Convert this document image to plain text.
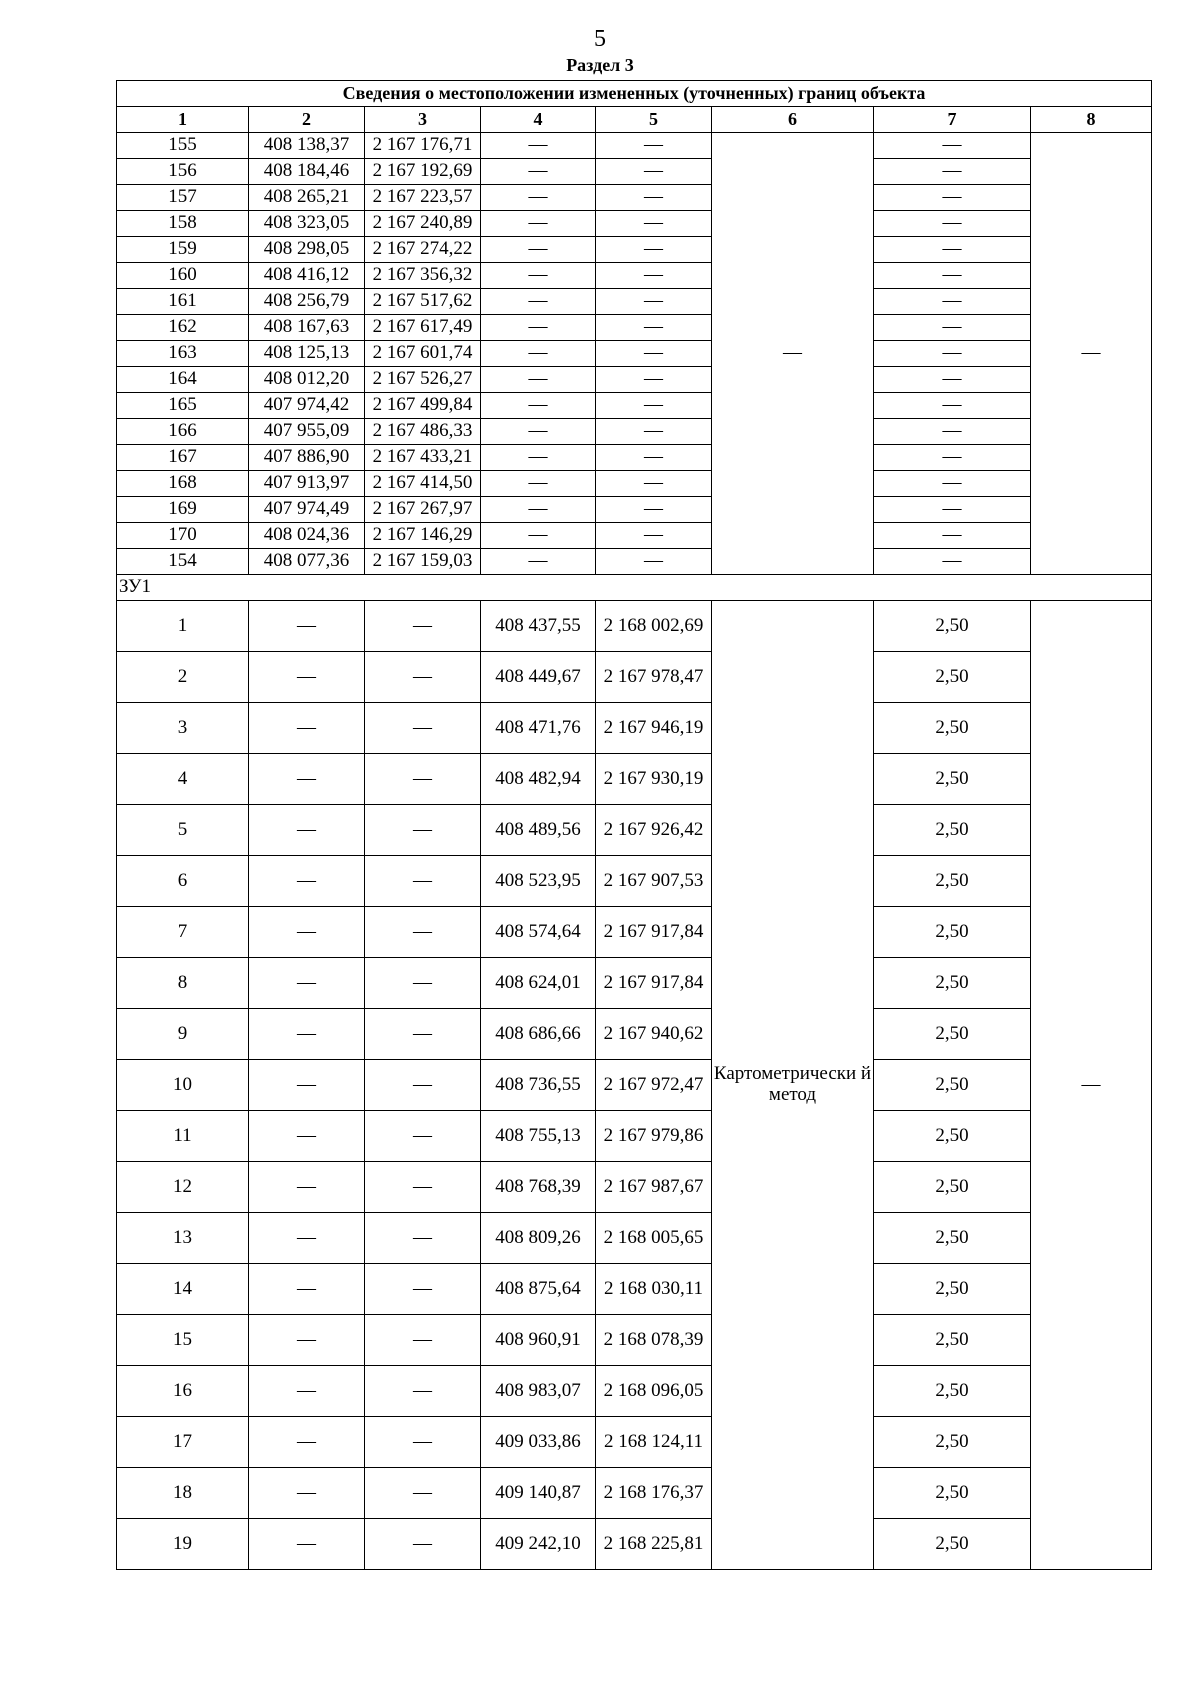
5
Раздел 3
Сведения о местоположении измененных (уточненных) границ объекта							
1	2	3	4	5	6	7	8
155	408 138,37	2 167 176,71	—	—	—	—	—
156	408 184,46	2 167 192,69	—	—		—	
157	408 265,21	2 167 223,57	—	—		—	
158	408 323,05	2 167 240,89	—	—		—	
159	408 298,05	2 167 274,22	—	—		—	
160	408 416,12	2 167 356,32	—	—		—	
161	408 256,79	2 167 517,62	—	—		—	
162	408 167,63	2 167 617,49	—	—		—	
163	408 125,13	2 167 601,74	—	—		—	
164	408 012,20	2 167 526,27	—	—		—	
165	407 974,42	2 167 499,84	—	—		—	
166	407 955,09	2 167 486,33	—	—		—	
167	407 886,90	2 167 433,21	—	—		—	
168	407 913,97	2 167 414,50	—	—		—	
169	407 974,49	2 167 267,97	—	—		—	
170	408 024,36	2 167 146,29	—	—		—	
154	408 077,36	2 167 159,03	—	—		—	
ЗУ1							
1	—	—	408 437,55	2 168 002,69	Картометрически й метод	2,50	—
2	—	—	408 449,67	2 167 978,47		2,50	
3	—	—	408 471,76	2 167 946,19		2,50	
4	—	—	408 482,94	2 167 930,19		2,50	
5	—	—	408 489,56	2 167 926,42		2,50	
6	—	—	408 523,95	2 167 907,53		2,50	
7	—	—	408 574,64	2 167 917,84		2,50	
8	—	—	408 624,01	2 167 917,84		2,50	
9	—	—	408 686,66	2 167 940,62		2,50	
10	—	—	408 736,55	2 167 972,47		2,50	
11	—	—	408 755,13	2 167 979,86		2,50	
12	—	—	408 768,39	2 167 987,67		2,50	
13	—	—	408 809,26	2 168 005,65		2,50	
14	—	—	408 875,64	2 168 030,11		2,50	
15	—	—	408 960,91	2 168 078,39		2,50	
16	—	—	408 983,07	2 168 096,05		2,50	
17	—	—	409 033,86	2 168 124,11		2,50	
18	—	—	409 140,87	2 168 176,37		2,50	
19	—	—	409 242,10	2 168 225,81		2,50	
